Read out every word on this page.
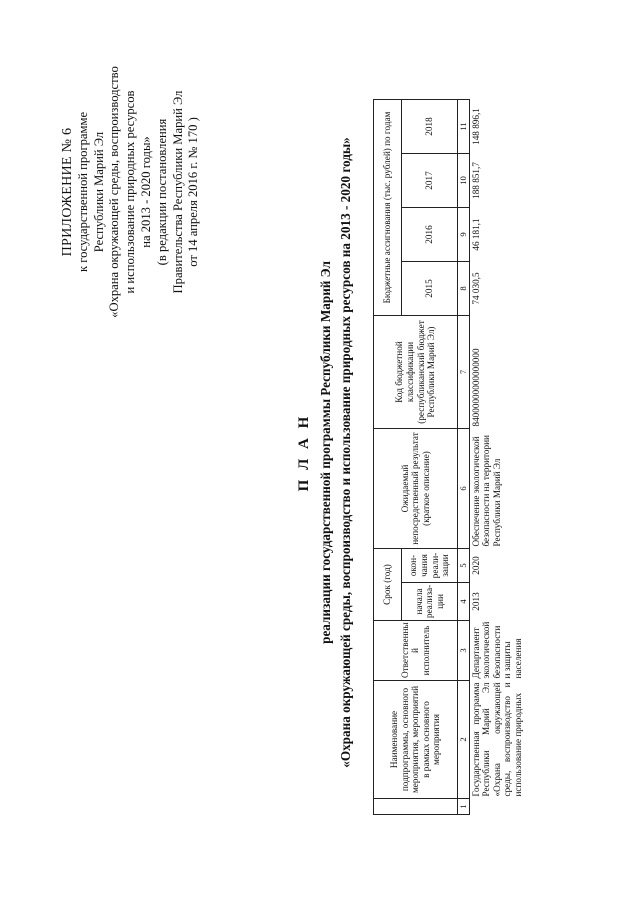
ПРИЛОЖЕНИЕ № 6 к государственной программе Республики Марий Эл «Охрана окружающей среды, воспроизводство и использование природных ресурсов на 2013 - 2020 годы» (в редакции постановления Правительства Республики Марий Эл от 14 апреля 2016 г. № 170 )
П Л А Н реализации государственной программы Республики Марий Эл «Охрана окружающей среды, воспроизводство и использование природных ресурсов на 2013 - 2020 годы»
		Наименование подпрограммы, основного мероприятия, мероприятий в рамках основного мероприятия	Ответственны й исполнитель	Срок (год)		Ожидаемый непосредственный результат (краткое описание)	Код бюджетной классификации (республиканский бюджет Республики Марий Эл)	Бюджетные ассигнования (тыс. рублей) по годам			
			начала реализа-ции	окон-чания реали-зации			2015	2016	2017	2018
1	2	3	4	5	6	7	8	9	10	11
	Государственная программа Республики Марий Эл «Охрана окружающей среды, воспроизводство и использование природных	Департамент экологической безопасности и защиты населения	2013	2020	Обеспечение экологической безопасности на территории Республики Марий Эл	84000000000000000	74 030,5	46 181,1	188 851,7	148 896,1
